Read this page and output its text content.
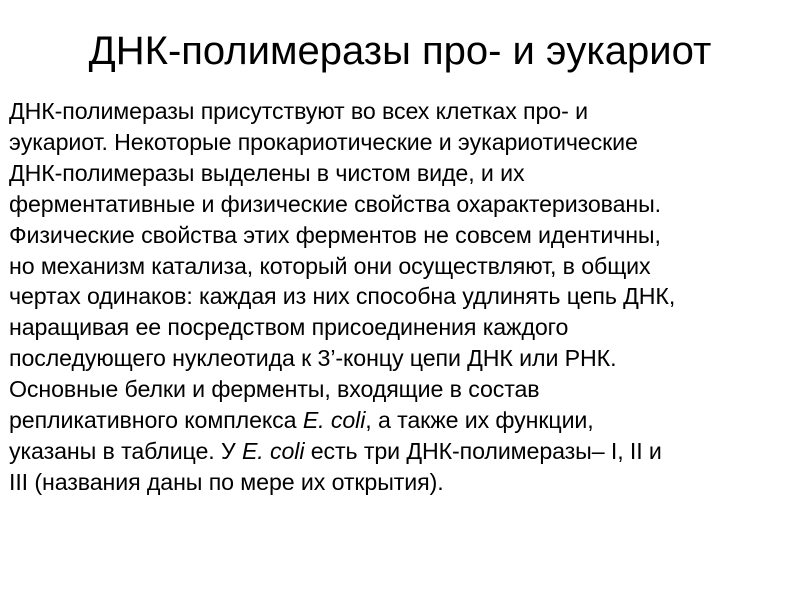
ДНК-полимеразы про- и эукариот
ДНК-полимеразы присутствуют во всех клетках про- и
эукариот. Некоторые прокариотические и эукариотические
ДНК-полимеразы выделены в чистом виде, и их
ферментативные и физические свойства охарактеризованы.
Физические свойства этих ферментов не совсем идентичны,
но механизм катализа, который они осуществляют, в общих
чертах одинаков: каждая из них способна удлинять цепь ДНК,
наращивая ее посредством присоединения каждого
последующего нуклеотида к 3’-концу цепи ДНК или РНК.
Основные белки и ферменты, входящие в состав
репликативного комплекса E. coli, а также их функции,
указаны в таблице. У E. coli есть три ДНК-полимеразы– I, II и
III (названия даны по мере их открытия).
